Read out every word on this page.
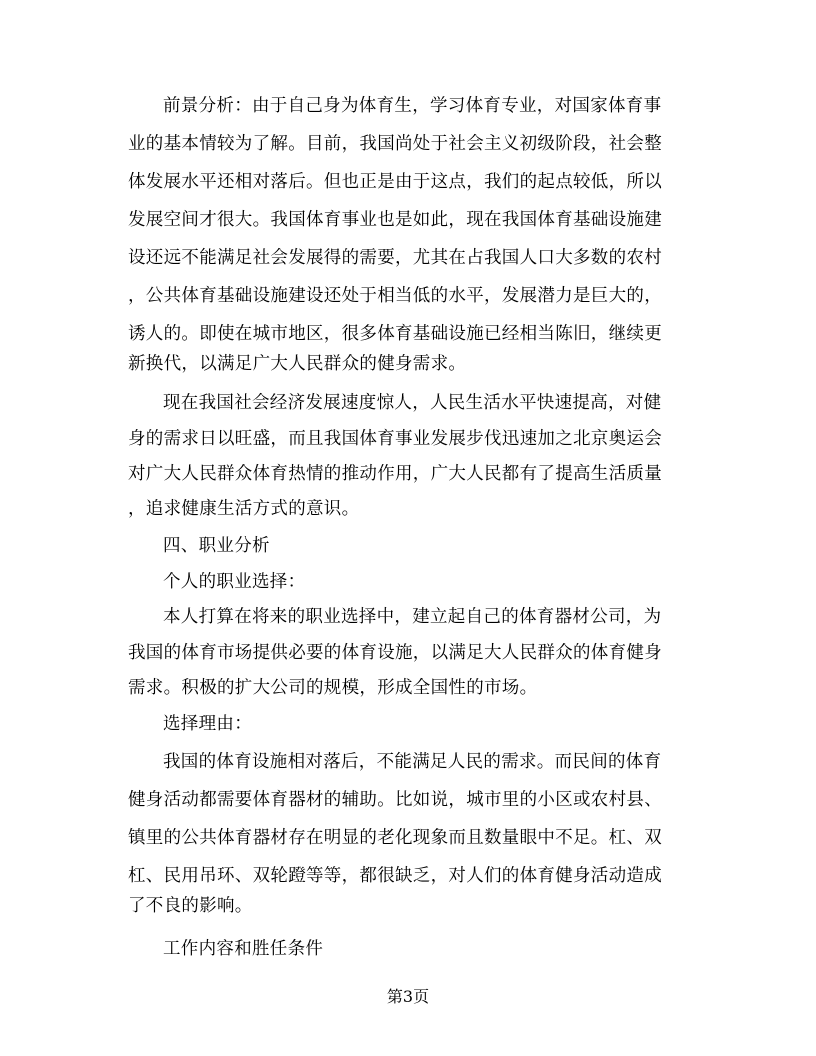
前景分析：由于自己身为体育生，学习体育专业，对国家体育事
业的基本情较为了解。目前，我国尚处于社会主义初级阶段，社会整
体发展水平还相对落后。但也正是由于这点，我们的起点较低，所以
发展空间才很大。我国体育事业也是如此，现在我国体育基础设施建
设还远不能满足社会发展得的需要，尤其在占我国人口大多数的农村
，公共体育基础设施建设还处于相当低的水平，发展潜力是巨大的，
诱人的。即使在城市地区，很多体育基础设施已经相当陈旧，继续更
新换代，以满足广大人民群众的健身需求。
现在我国社会经济发展速度惊人，人民生活水平快速提高，对健
身的需求日以旺盛，而且我国体育事业发展步伐迅速加之北京奥运会
对广大人民群众体育热情的推动作用，广大人民都有了提高生活质量
，追求健康生活方式的意识。
四、职业分析
个人的职业选择：
本人打算在将来的职业选择中，建立起自己的体育器材公司，为
我国的体育市场提供必要的体育设施，以满足大人民群众的体育健身
需求。积极的扩大公司的规模，形成全国性的市场。
选择理由：
我国的体育设施相对落后，不能满足人民的需求。而民间的体育
健身活动都需要体育器材的辅助。比如说，城市里的小区或农村县、
镇里的公共体育器材存在明显的老化现象而且数量眼中不足。杠、双
杠、民用吊环、双轮蹬等等，都很缺乏，对人们的体育健身活动造成
了不良的影响。
工作内容和胜任条件
第3页
